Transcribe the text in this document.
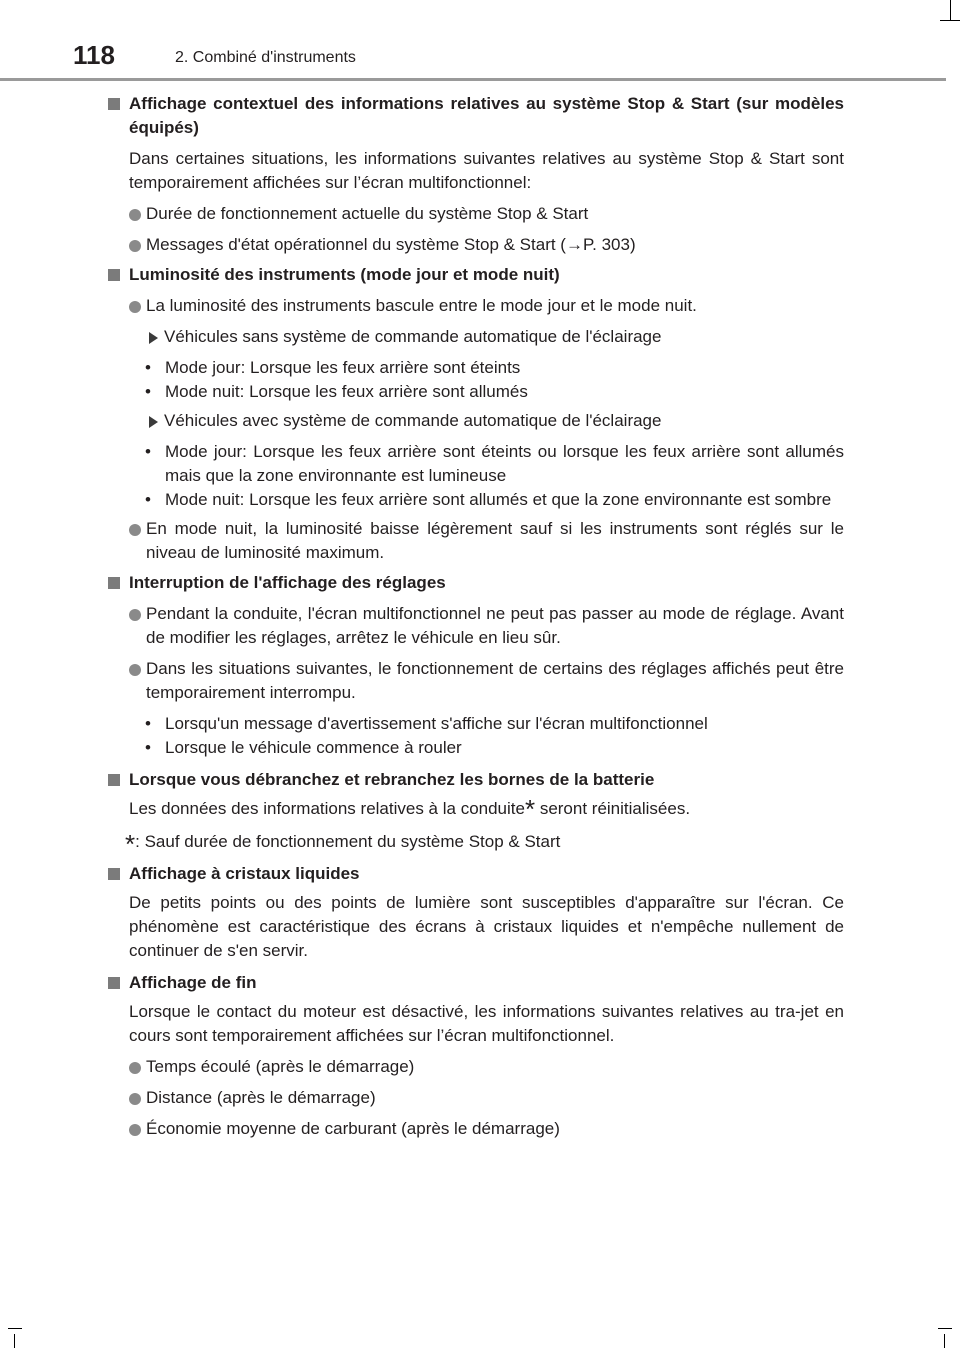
118	2. Combiné d'instruments

Affichage contextuel des informations relatives au système Stop & Start (sur modèles équipés)

Dans certaines situations, les informations suivantes relatives au système Stop & Start sont temporairement affichées sur l’écran multifonctionnel:

Durée de fonctionnement actuelle du système Stop & Start

Messages d'état opérationnel du système Stop & Start (→P. 303)

Luminosité des instruments (mode jour et mode nuit)

La luminosité des instruments bascule entre le mode jour et le mode nuit.

Véhicules sans système de commande automatique de l'éclairage

• Mode jour: Lorsque les feux arrière sont éteints

• Mode nuit: Lorsque les feux arrière sont allumés

Véhicules avec système de commande automatique de l'éclairage

• Mode jour: Lorsque les feux arrière sont éteints ou lorsque les feux arrière sont allumés mais que la zone environnante est lumineuse

• Mode nuit: Lorsque les feux arrière sont allumés et que la zone environnante est sombre

En mode nuit, la luminosité baisse légèrement sauf si les instruments sont réglés sur le niveau de luminosité maximum.

Interruption de l'affichage des réglages

Pendant la conduite, l'écran multifonctionnel ne peut pas passer au mode de réglage. Avant de modifier les réglages, arrêtez le véhicule en lieu sûr.

Dans les situations suivantes, le fonctionnement de certains des réglages affichés peut être temporairement interrompu.

• Lorsqu'un message d'avertissement s'affiche sur l'écran multifonctionnel

• Lorsque le véhicule commence à rouler

Lorsque vous débranchez et rebranchez les bornes de la batterie

Les données des informations relatives à la conduite* seront réinitialisées.

*: Sauf durée de fonctionnement du système Stop & Start

Affichage à cristaux liquides

De petits points ou des points de lumière sont susceptibles d'apparaître sur l'écran. Ce phénomène est caractéristique des écrans à cristaux liquides et n'empêche nullement de continuer de s'en servir.

Affichage de fin

Lorsque le contact du moteur est désactivé, les informations suivantes relatives au tra-jet en cours sont temporairement affichées sur l’écran multifonctionnel.

Temps écoulé (après le démarrage)

Distance (après le démarrage)

Économie moyenne de carburant (après le démarrage)
